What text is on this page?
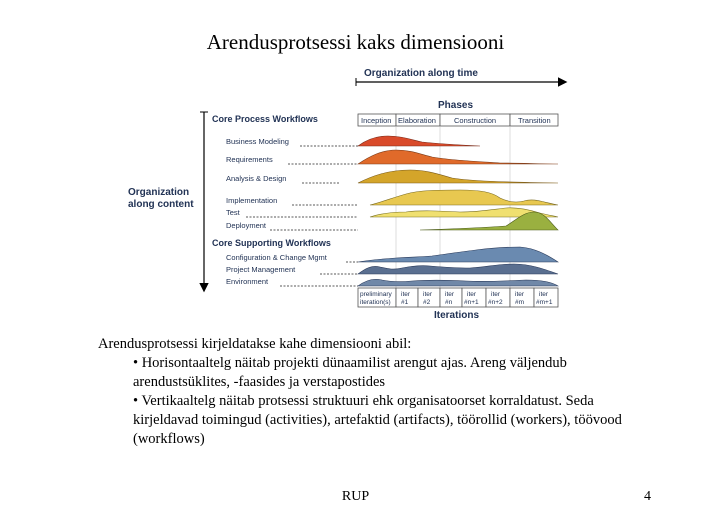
Arendusprotsessi kaks dimensiooni
Organization along time
Phases
Inception Elaboration Construction	Transition
Organization
along content
Core Process Workflows
Business Modeling
Requirements
Analysis & Design
Implementation
Test
Deployment
Configuration & Change Mgmt
Project Management
Environment
Core Supporting Workflows
preliminary
iteration(s)
iter
#1
iter
#2
iter
#n
iter
#n+1
iter
#n+2
iter
#m
iter
#m+1
Iterations

Arendusprotsessi kirjeldatakse kahe dimensiooni abil:

• Horisontaaltelg näitab projekti dünaamilist arengut ajas. Areng väljendub arendustsüklites, -faasides ja verstapostides

• Vertikaaltelg näitab protsessi struktuuri ehk organisatoorset korraldatust. Seda kirjeldavad toimingud (activities), artefaktid (artifacts), töörollid (workers), töövood (workflows)

RUP	4
